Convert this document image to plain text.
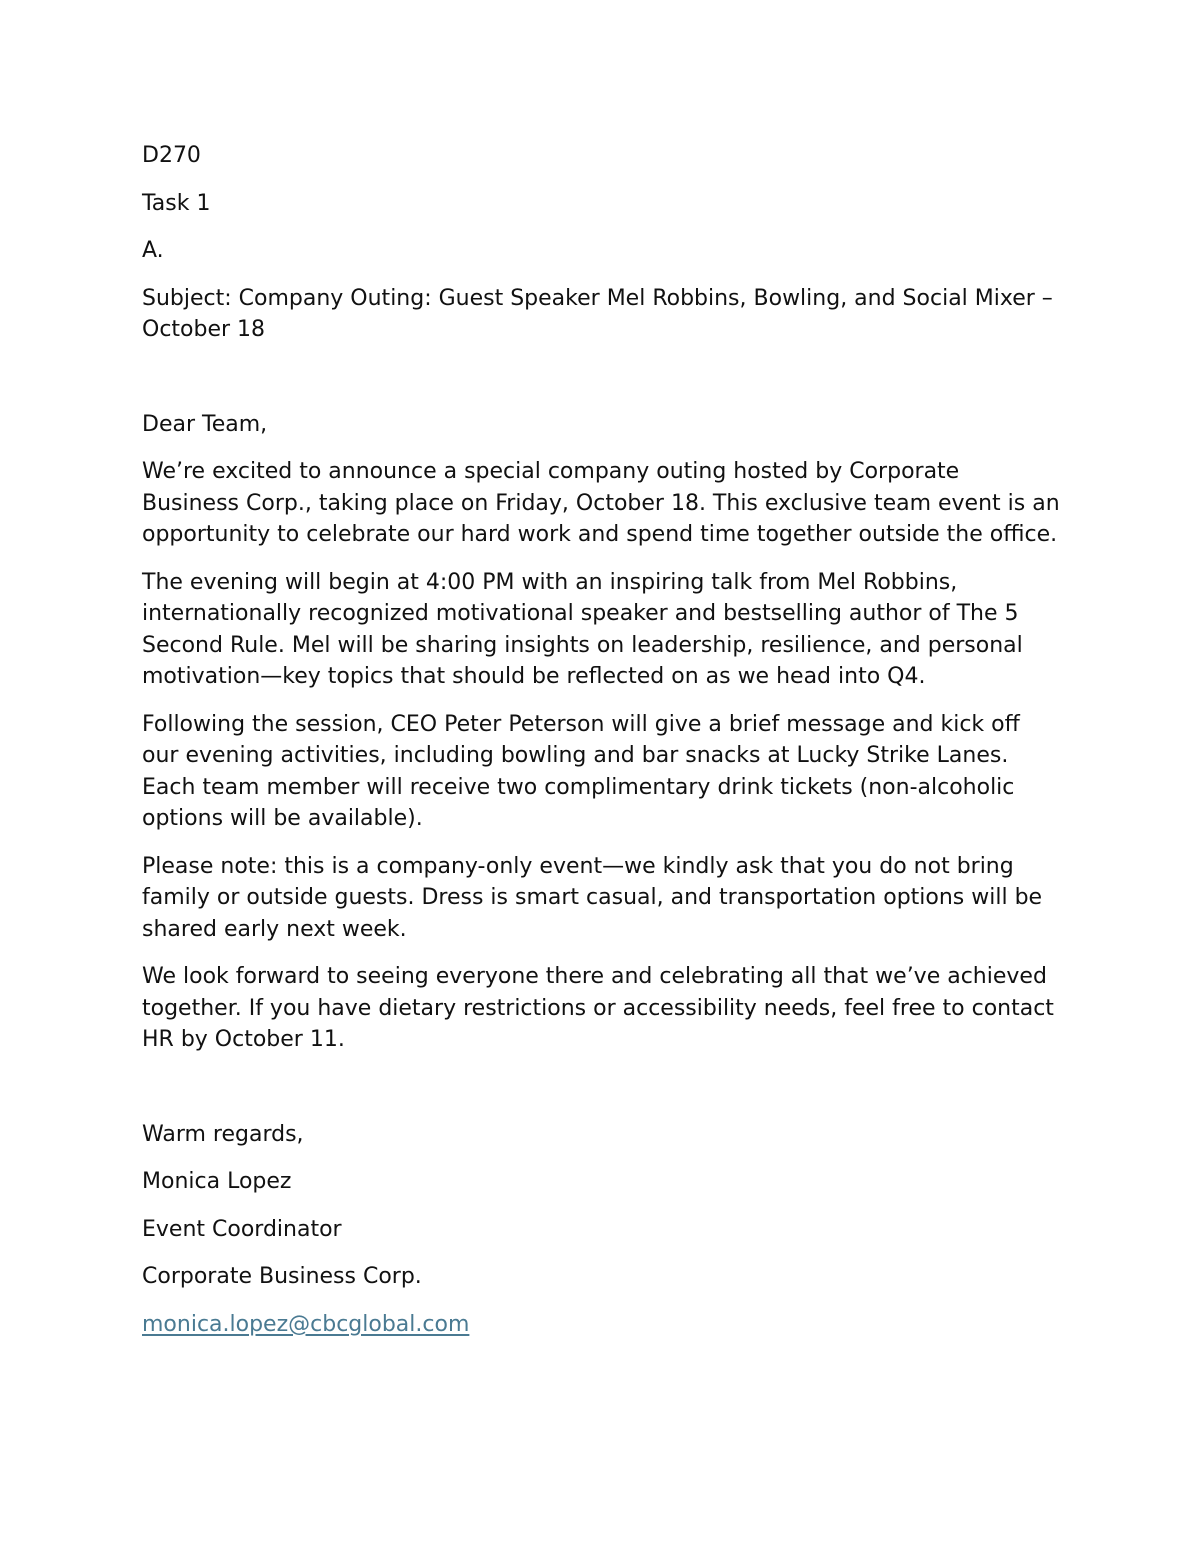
D270

Task 1

A.

Subject: Company Outing: Guest Speaker Mel Robbins, Bowling, and Social Mixer – October 18

Dear Team,

We’re excited to announce a special company outing hosted by Corporate Business Corp., taking place on Friday, October 18. This exclusive team event is an opportunity to celebrate our hard work and spend time together outside the office.

The evening will begin at 4:00 PM with an inspiring talk from Mel Robbins, internationally recognized motivational speaker and bestselling author of The 5 Second Rule. Mel will be sharing insights on leadership, resilience, and personal motivation—key topics that should be reflected on as we head into Q4.

Following the session, CEO Peter Peterson will give a brief message and kick off our evening activities, including bowling and bar snacks at Lucky Strike Lanes. Each team member will receive two complimentary drink tickets (non-alcoholic options will be available).

Please note: this is a company-only event—we kindly ask that you do not bring family or outside guests. Dress is smart casual, and transportation options will be shared early next week.

We look forward to seeing everyone there and celebrating all that we’ve achieved together. If you have dietary restrictions or accessibility needs, feel free to contact HR by October 11.

Warm regards,

Monica Lopez

Event Coordinator

Corporate Business Corp.

monica.lopez@cbcglobal.com
